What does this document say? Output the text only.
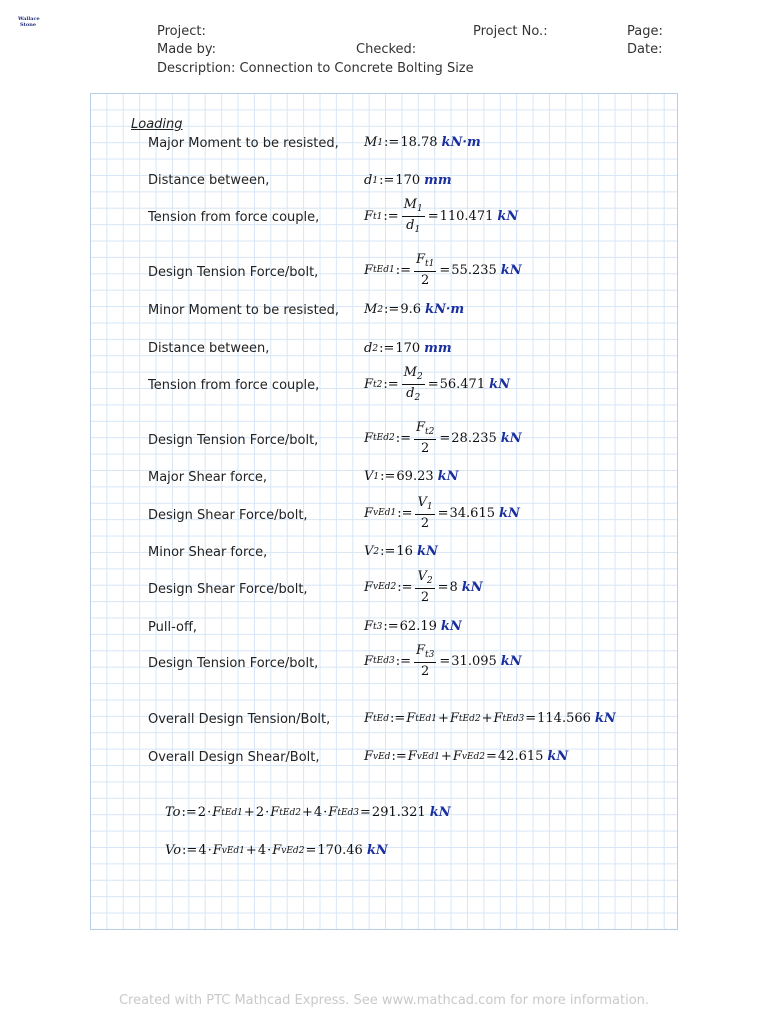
Wallace
Stone	Project:	Project No.:	Page:
Made by:	Checked:	Date:
Description: Connection to Concrete Bolting Size
Loading
Major Moment to be resisted, M 1 := 18.78 kN·m
Distance between,	d 1 := 170 mm
Tension from force couple,	F t1 := $\frac{M_1}{d_1} = 110.471$ kN
Design Tension Force/bolt,	F tEd1 := $\frac{F_{t1}}{2} = 55.235$ kN
Minor Moment to be resisted, M 2 := 9.6 kN·m
Distance between,	d 2 := 170 mm
Tension from force couple,	F t2 := $\frac{M_2}{d_2} = 56.471$ kN
Design Tension Force/bolt,	F tEd2 := $\frac{F_{t2}}{2} = 28.235$ kN
Major Shear force,	V 1 := 69.23 kN
Design Shear Force/bolt,	F vEd1 := $\frac{V_1}{2} = 34.615$ kN
Minor Shear force,	V 2 := 16 kN
Design Shear Force/bolt,	F vEd2 := $\frac{V_2}{2} = 8$ kN
Pull-off,	F t3 := 62.19 kN
Design Tension Force/bolt,	F tEd3 := $\frac{F_{t3}}{2} = 31.095$ kN
Overall Design Tension/Bolt,	F tEd := F tEd1 + F tEd2 + F tEd3 = 114.566 kN
Overall Design Shear/Bolt,	F vEd := F vEd1 + F vEd2 = 42.615 kN
To := 2 · F tEd1 + 2 · F tEd2 + 4 · F tEd3 = 291.321 kN
Vo := 4 · F vEd1 + 4 · F vEd2 = 170.46 kN
Created with PTC Mathcad Express. See www.mathcad.com for more information.
